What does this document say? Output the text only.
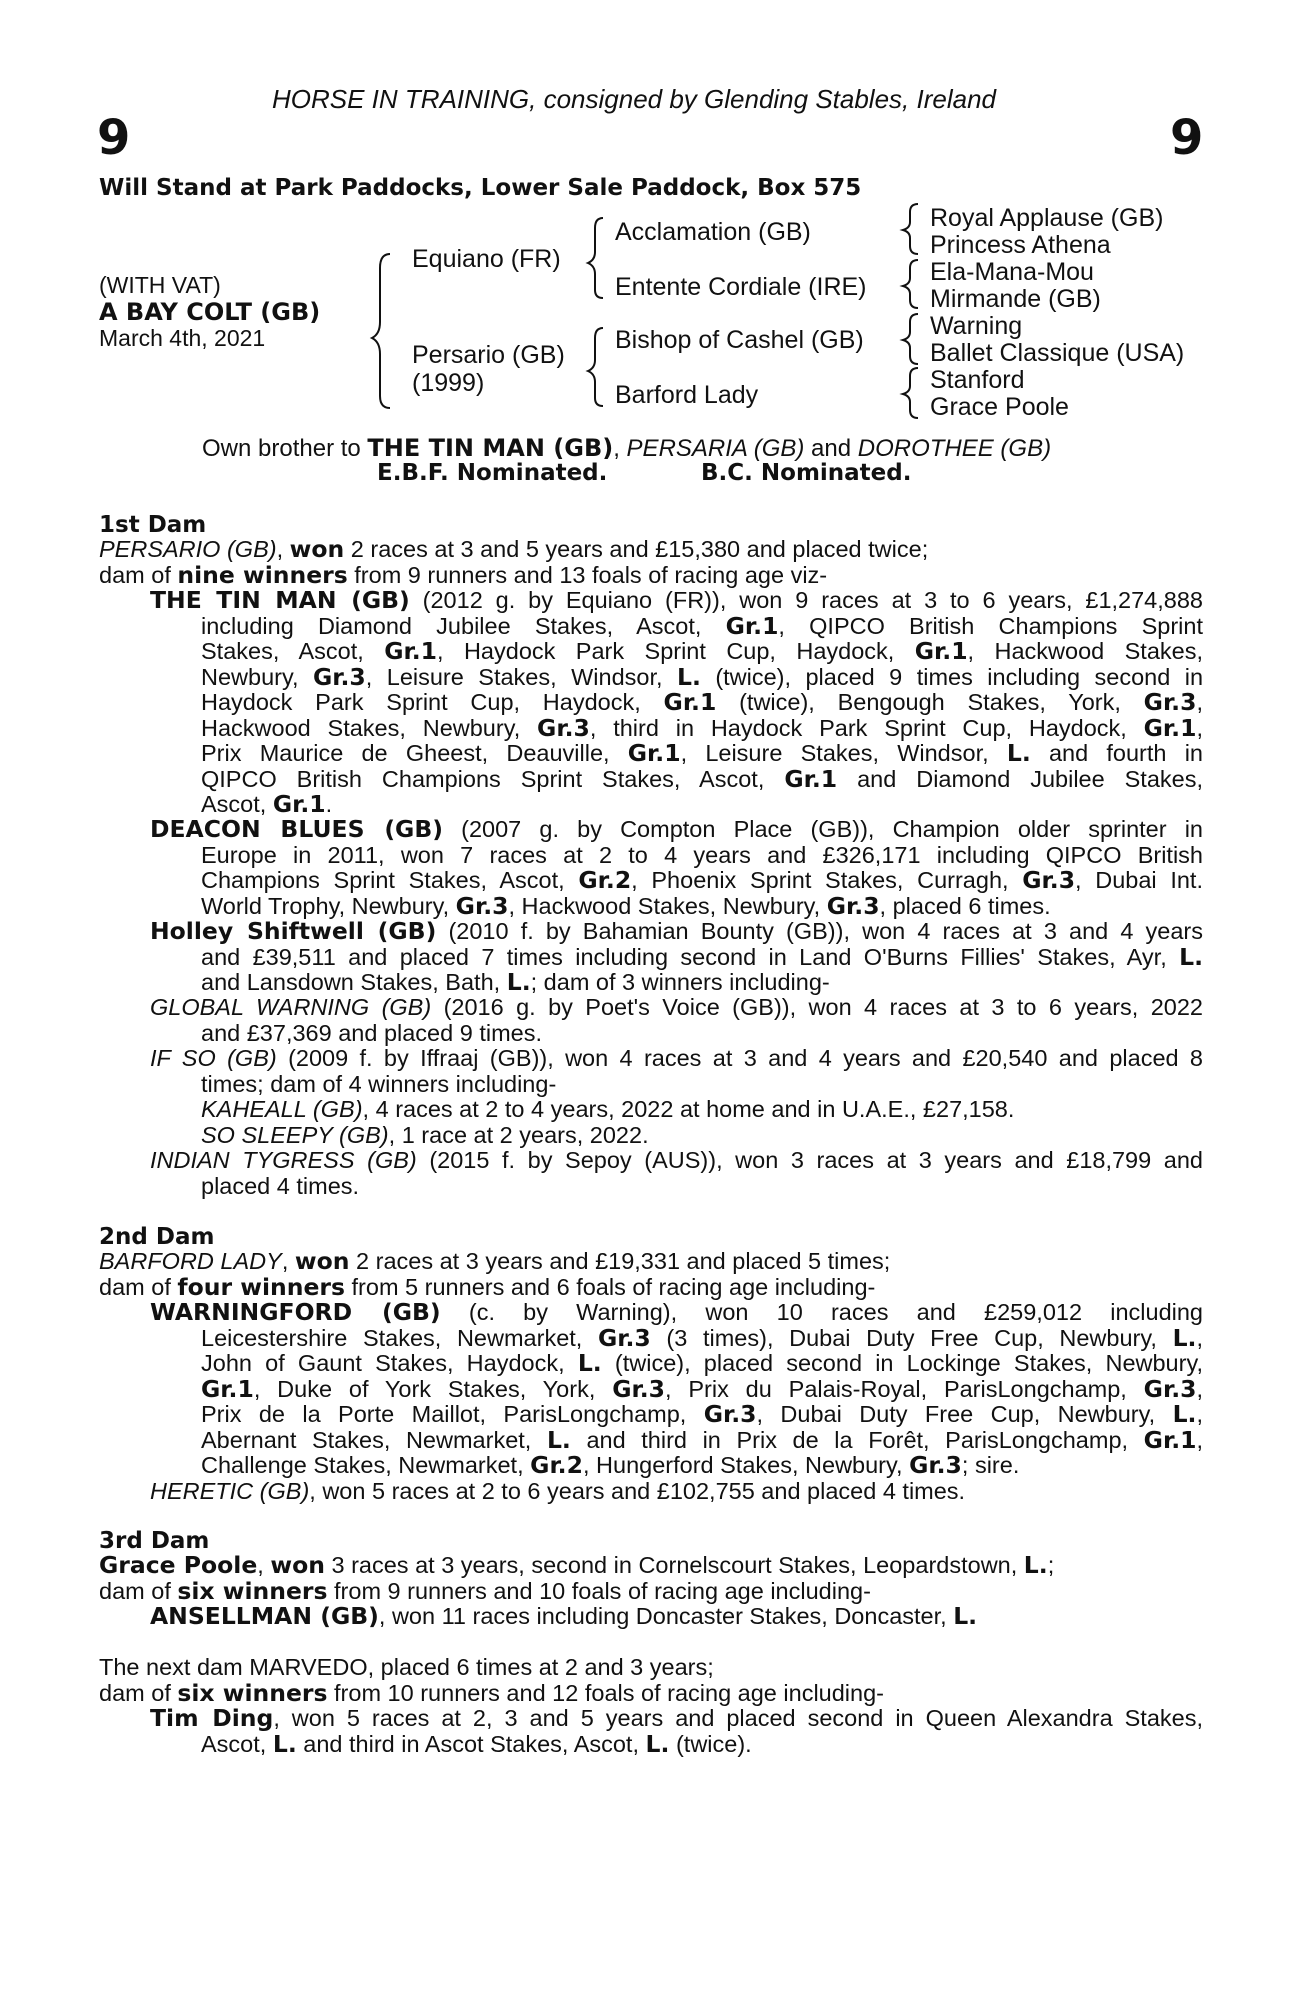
HORSE IN TRAINING, consigned by Glending Stables, Ireland
9	9
Will Stand at Park Paddocks, Lower Sale Paddock, Box 575
(WITH VAT)
A BAY COLT (GB)
March 4th, 2021
Equiano (FR)
Persario (GB)
(1999)
Acclamation (GB)
Entente Cordiale (IRE)
Bishop of Cashel (GB)
Barford Lady
Royal Applause (GB)
Princess Athena
Ela-Mana-Mou
Mirmande (GB)
Warning
Ballet Classique (USA)
Stanford
Grace Poole
Own brother to THE TIN MAN (GB), PERSARIA (GB) and DOROTHEE (GB)
E.B.F. Nominated.	B.C. Nominated.
1st Dam
PERSARIO (GB), won 2 races at 3 and 5 years and £15,380 and placed twice;
dam of nine winners from 9 runners and 13 foals of racing age viz-
THE TIN MAN (GB) (2012 g. by Equiano (FR)), won 9 races at 3 to 6 years, £1,274,888
including Diamond Jubilee Stakes, Ascot, Gr.1, QIPCO British Champions Sprint
Stakes, Ascot, Gr.1, Haydock Park Sprint Cup, Haydock, Gr.1, Hackwood Stakes,
Newbury, Gr.3, Leisure Stakes, Windsor, L. (twice), placed 9 times including second in
Haydock Park Sprint Cup, Haydock, Gr.1 (twice), Bengough Stakes, York, Gr.3,
Hackwood Stakes, Newbury, Gr.3, third in Haydock Park Sprint Cup, Haydock, Gr.1,
Prix Maurice de Gheest, Deauville, Gr.1, Leisure Stakes, Windsor, L. and fourth in
QIPCO British Champions Sprint Stakes, Ascot, Gr.1 and Diamond Jubilee Stakes,
Ascot, Gr.1.
DEACON BLUES (GB) (2007 g. by Compton Place (GB)), Champion older sprinter in
Europe in 2011, won 7 races at 2 to 4 years and £326,171 including QIPCO British
Champions Sprint Stakes, Ascot, Gr.2, Phoenix Sprint Stakes, Curragh, Gr.3, Dubai Int.
World Trophy, Newbury, Gr.3, Hackwood Stakes, Newbury, Gr.3, placed 6 times.
Holley Shiftwell (GB) (2010 f. by Bahamian Bounty (GB)), won 4 races at 3 and 4 years
and £39,511 and placed 7 times including second in Land O'Burns Fillies' Stakes, Ayr, L.
and Lansdown Stakes, Bath, L.; dam of 3 winners including-
GLOBAL WARNING (GB) (2016 g. by Poet's Voice (GB)), won 4 races at 3 to 6 years, 2022
and £37,369 and placed 9 times.
IF SO (GB) (2009 f. by Iffraaj (GB)), won 4 races at 3 and 4 years and £20,540 and placed 8
times; dam of 4 winners including-
KAHEALL (GB), 4 races at 2 to 4 years, 2022 at home and in U.A.E., £27,158.
SO SLEEPY (GB), 1 race at 2 years, 2022.
INDIAN TYGRESS (GB) (2015 f. by Sepoy (AUS)), won 3 races at 3 years and £18,799 and
placed 4 times.
2nd Dam
BARFORD LADY, won 2 races at 3 years and £19,331 and placed 5 times;
dam of four winners from 5 runners and 6 foals of racing age including-
WARNINGFORD (GB) (c. by Warning), won 10 races and £259,012 including
Leicestershire Stakes, Newmarket, Gr.3 (3 times), Dubai Duty Free Cup, Newbury, L.,
John of Gaunt Stakes, Haydock, L. (twice), placed second in Lockinge Stakes, Newbury,
Gr.1, Duke of York Stakes, York, Gr.3, Prix du Palais-Royal, ParisLongchamp, Gr.3,
Prix de la Porte Maillot, ParisLongchamp, Gr.3, Dubai Duty Free Cup, Newbury, L.,
Abernant Stakes, Newmarket, L. and third in Prix de la Forêt, ParisLongchamp, Gr.1,
Challenge Stakes, Newmarket, Gr.2, Hungerford Stakes, Newbury, Gr.3; sire.
HERETIC (GB), won 5 races at 2 to 6 years and £102,755 and placed 4 times.
3rd Dam
Grace Poole, won 3 races at 3 years, second in Cornelscourt Stakes, Leopardstown, L.;
dam of six winners from 9 runners and 10 foals of racing age including-
ANSELLMAN (GB), won 11 races including Doncaster Stakes, Doncaster, L.
The next dam MARVEDO, placed 6 times at 2 and 3 years;
dam of six winners from 10 runners and 12 foals of racing age including-
Tim Ding, won 5 races at 2, 3 and 5 years and placed second in Queen Alexandra Stakes,
Ascot, L. and third in Ascot Stakes, Ascot, L. (twice).
